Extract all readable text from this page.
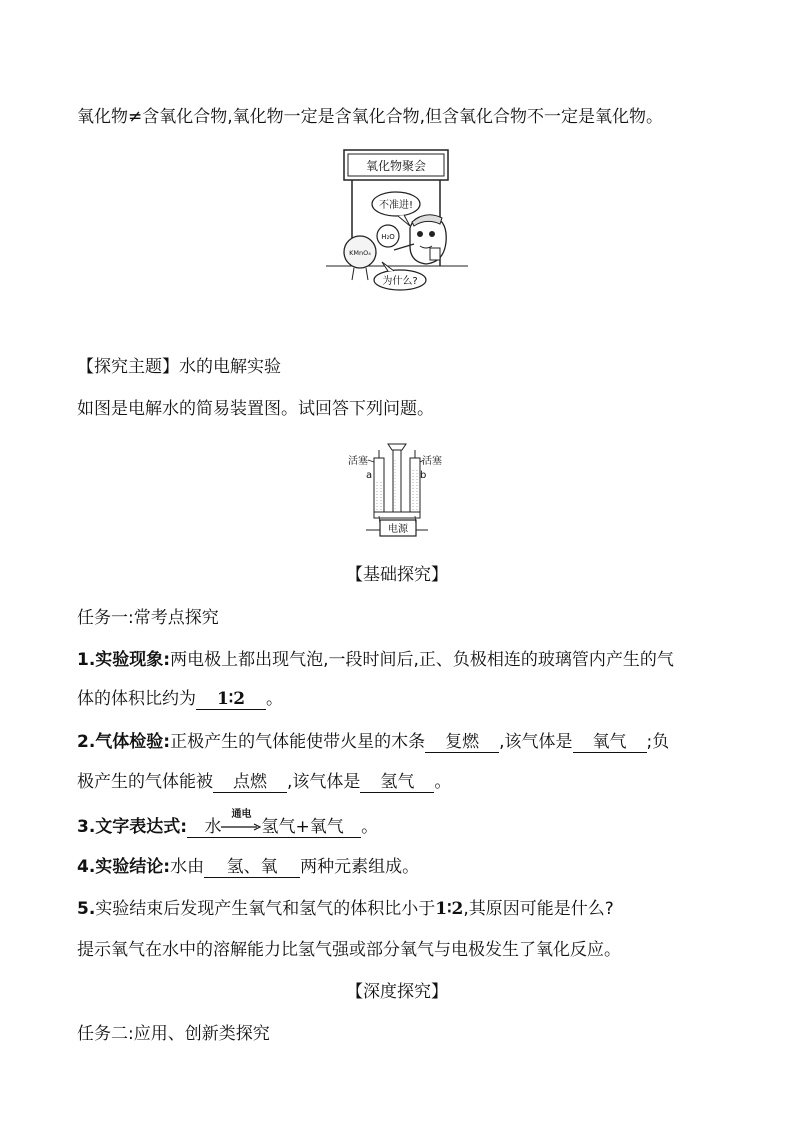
氧化物≠含氧化合物,氧化物一定是含氧化合物,但含氧化合物不一定是氧化物。
氧化物聚会
不准进!
H₂O
KMnO₄
为什么?
【探究主题】水的电解实验
如图是电解水的简易装置图。试回答下列问题。
活塞
a
活塞
b
电源
【基础探究】
任务一:常考点探究
1.实验现象:两电极上都出现气泡,一段时间后,正、负极相连的玻璃管内产生的气
体的体积比约为 1∶2 。
2.气体检验:正极产生的气体能使带火星的木条 复燃 ,该气体是 氧气 ;负
极产生的气体能被 点燃 ,该气体是 氢气 。
3.文字表达式: 水
通电
氢气+氧气 。
4.实验结论:水由 氢、氧 两种元素组成。
5.实验结束后发现产生氧气和氢气的体积比小于1∶2,其原因可能是什么?
提示氧气在水中的溶解能力比氢气强或部分氧气与电极发生了氧化反应。
【深度探究】
任务二:应用、创新类探究
